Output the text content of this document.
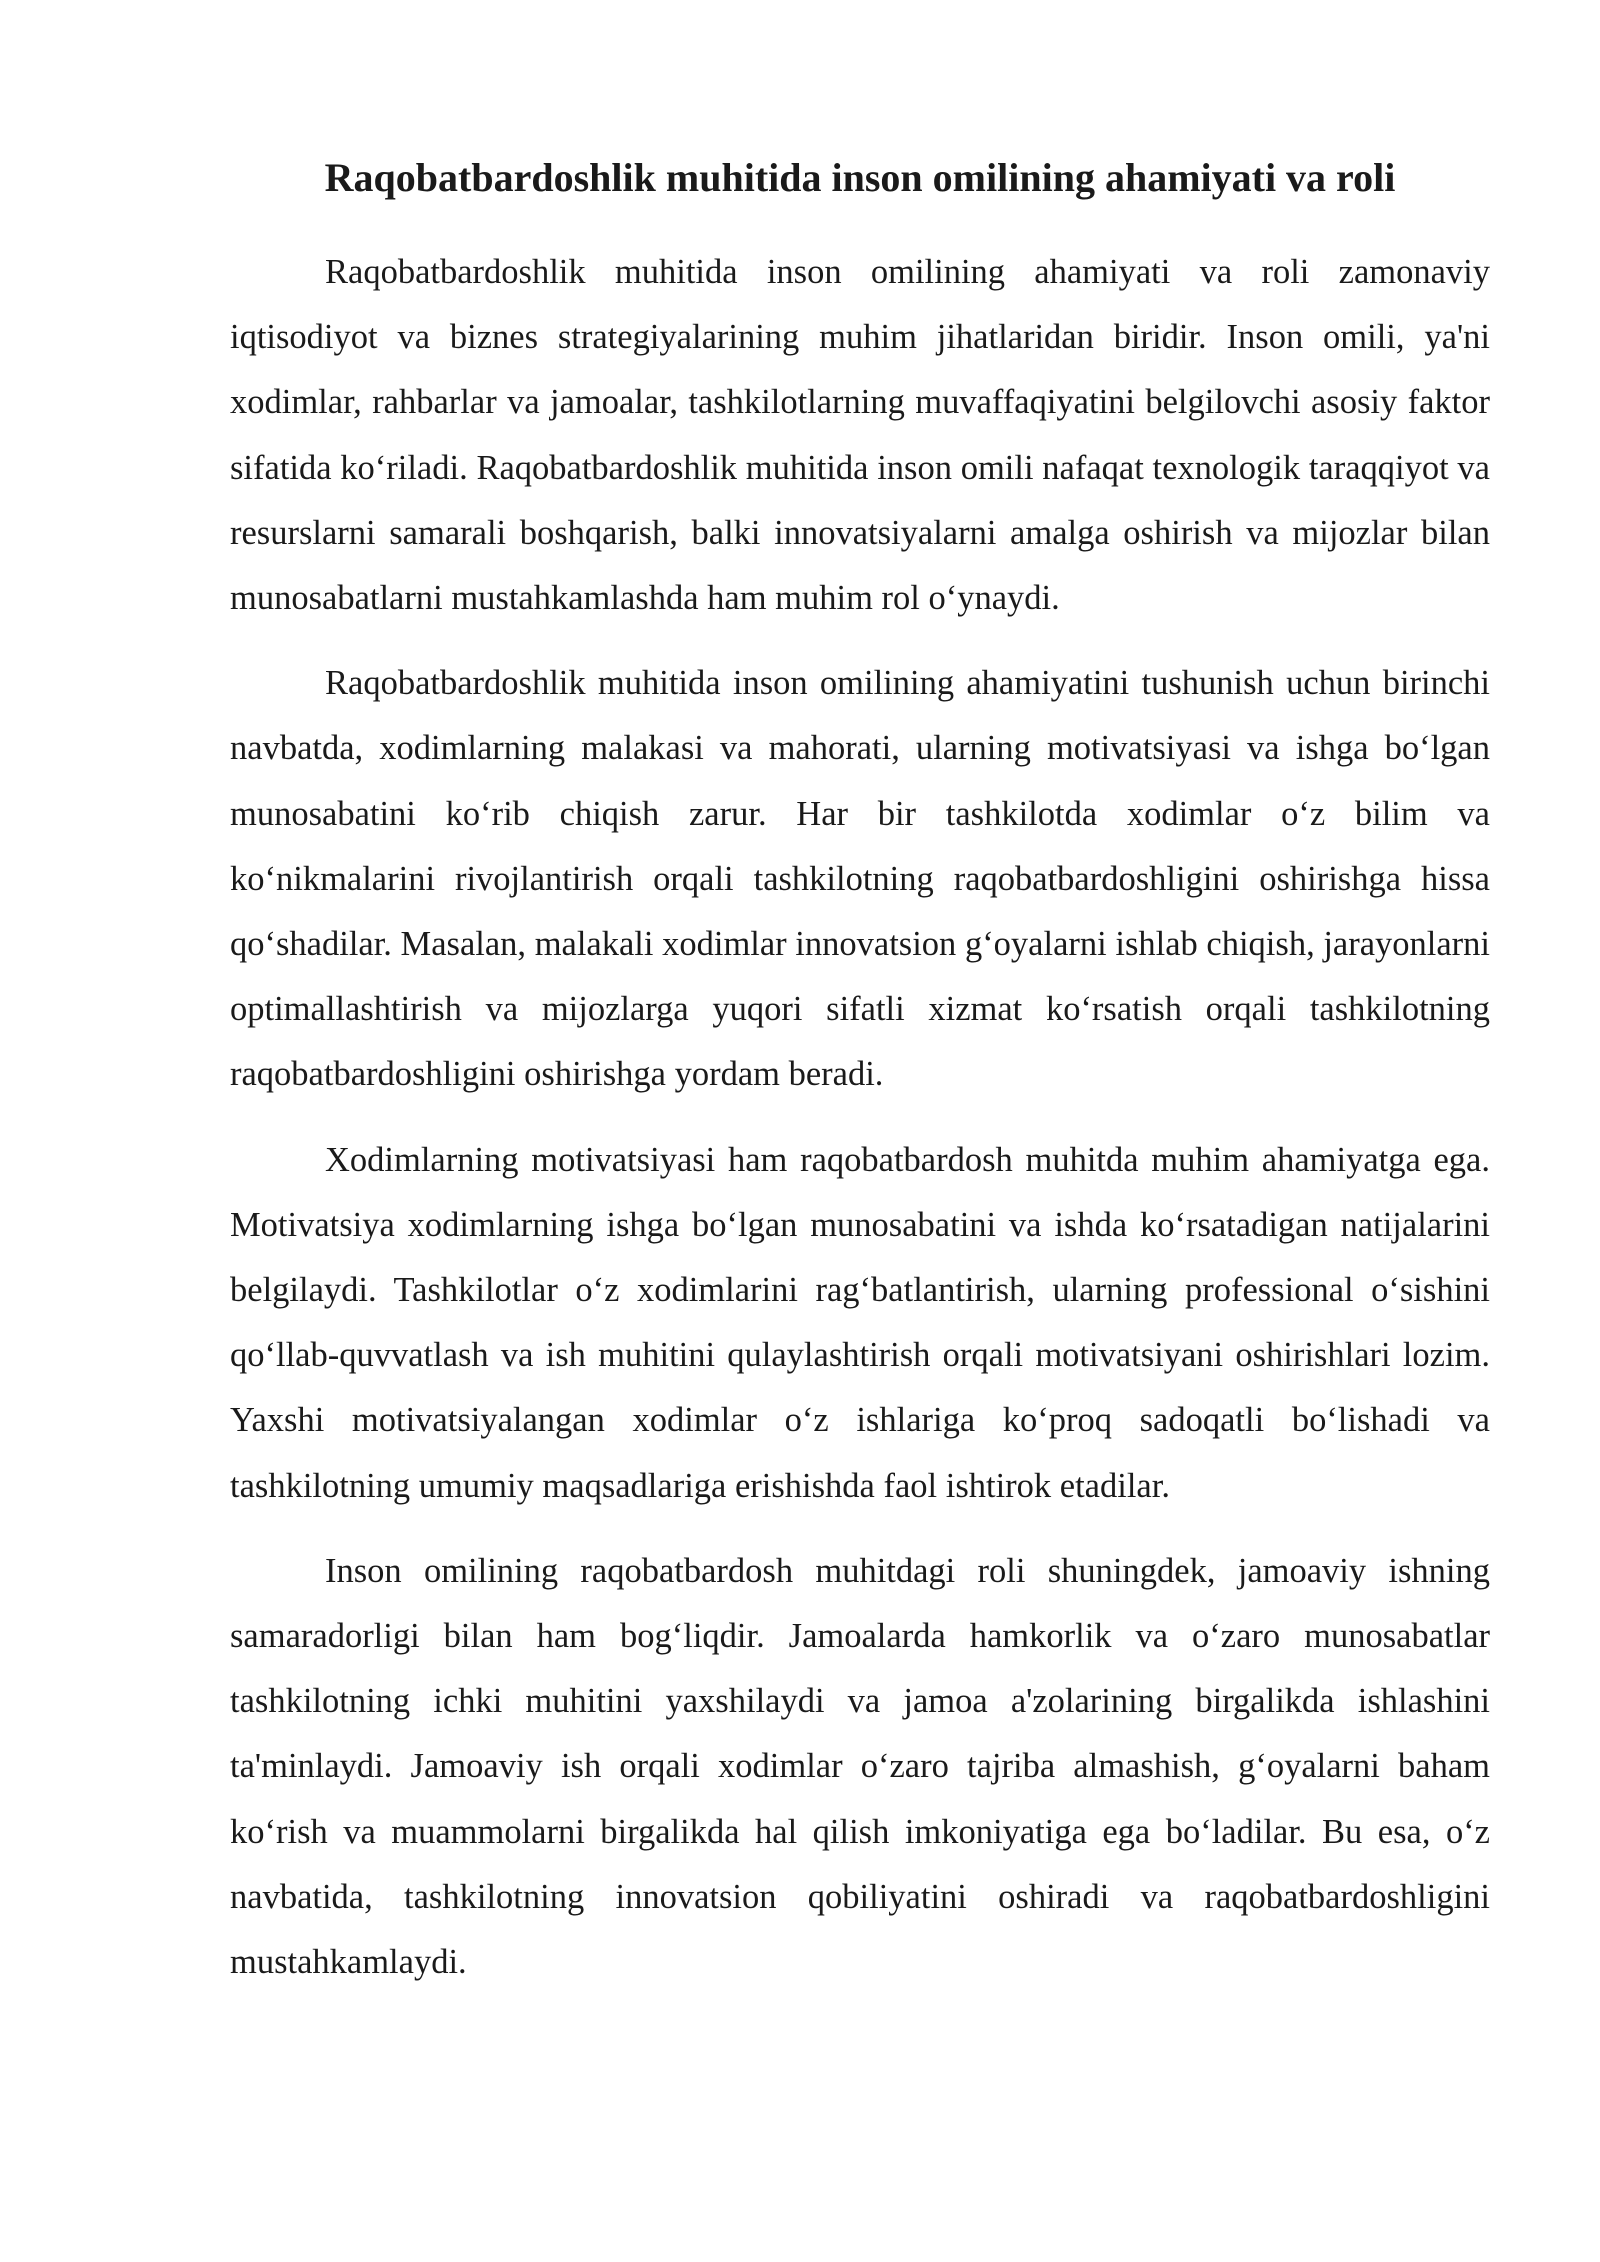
Raqobatbardoshlik muhitida inson omilining ahamiyati va roli

Raqobatbardoshlik muhitida inson omilining ahamiyati va roli zamonaviy iqtisodiyot va biznes strategiyalarining muhim jihatlaridan biridir. Inson omili, ya'ni xodimlar, rahbarlar va jamoalar, tashkilotlarning muvaffaqiyatini belgilovchi asosiy faktor sifatida koʻriladi. Raqobatbardoshlik muhitida inson omili nafaqat texnologik taraqqiyot va resurslarni samarali boshqarish, balki innovatsiyalarni amalga oshirish va mijozlar bilan munosabatlarni mustahkamlashda ham muhim rol oʻynaydi.

Raqobatbardoshlik muhitida inson omilining ahamiyatini tushunish uchun birinchi navbatda, xodimlarning malakasi va mahorati, ularning motivatsiyasi va ishga boʻlgan munosabatini koʻrib chiqish zarur. Har bir tashkilotda xodimlar oʻz bilim va koʻnikmalarini rivojlantirish orqali tashkilotning raqobatbardoshligini oshirishga hissa qoʻshadilar. Masalan, malakali xodimlar innovatsion gʻoyalarni ishlab chiqish, jarayonlarni optimallashtirish va mijozlarga yuqori sifatli xizmat koʻrsatish orqali tashkilotning raqobatbardoshligini oshirishga yordam beradi.

Xodimlarning motivatsiyasi ham raqobatbardosh muhitda muhim ahamiyatga ega. Motivatsiya xodimlarning ishga boʻlgan munosabatini va ishda koʻrsatadigan natijalarini belgilaydi. Tashkilotlar oʻz xodimlarini ragʻbatlantirish, ularning professional oʻsishini qoʻllab-quvvatlash va ish muhitini qulaylashtirish orqali motivatsiyani oshirishlari lozim. Yaxshi motivatsiyalangan xodimlar oʻz ishlariga koʻproq sadoqatli boʻlishadi va tashkilotning umumiy maqsadlariga erishishda faol ishtirok etadilar.

Inson omilining raqobatbardosh muhitdagi roli shuningdek, jamoaviy ishning samaradorligi bilan ham bogʻliqdir. Jamoalarda hamkorlik va oʻzaro munosabatlar tashkilotning ichki muhitini yaxshilaydi va jamoa a'zolarining birgalikda ishlashini ta'minlaydi. Jamoaviy ish orqali xodimlar oʻzaro tajriba almashish, gʻoyalarni baham koʻrish va muammolarni birgalikda hal qilish imkoniyatiga ega boʻladilar. Bu esa, oʻz navbatida, tashkilotning innovatsion qobiliyatini oshiradi va raqobatbardoshligini mustahkamlaydi.
